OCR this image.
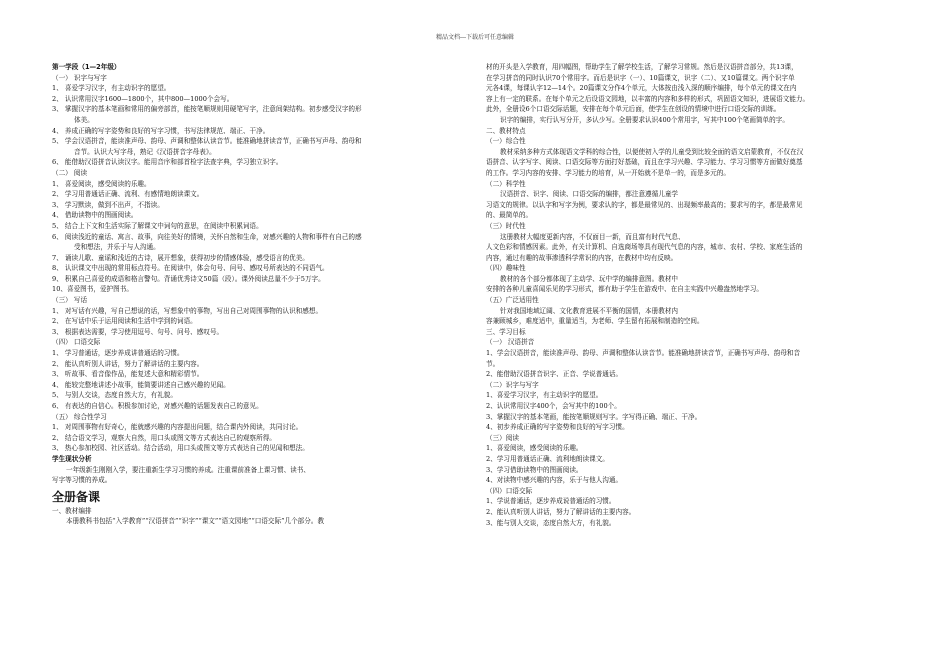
精品文档---下载后可任意编辑
第一学段（1—2年级）
（一） 识字与写字
1、 喜爱学习汉字，有主动识字的愿望。
2、 认识常用汉字1600—1800个，其中800—1000个会写。
3、 掌握汉字的基本笔画和常用的偏旁部首，能按笔顺规则用硬笔写字，注意间架结构。初步感受汉字的形
体美。
4、 养成正确的写字姿势和良好的写字习惯，书写法律规范、端正、干净。
5、 学会汉语拼音，能读准声母、韵母、声调和整体认读音节。能准确地拼读音节，正确书写声母、韵母和
音节。认识大写字母，熟记《汉语拼音字母表》。
6、 能借助汉语拼音认读汉字。能用音序和部首检字法查字典，学习独立识字。
（二） 阅读
1、 喜爱阅读，感受阅读的乐趣。
2、 学习用普通话正确、流利、有感情地朗读课文。
3、 学习默读，做到不出声，不指读。
4、 借助读物中的图画阅读。
5、 结合上下文和生活实际了解课文中词句的意思，在阅读中积累词语。
6、 阅读浅近的童话、寓言、故事，向往美好的情境，关怀自然和生命，对感兴趣的人物和事件有自己的感
受和想法，并乐于与人沟通。
7、 诵读儿歌、童谣和浅近的古诗，展开想象，获得初步的情感体验，感受语言的优美。
8、 认识课文中出现的常用标点符号。在阅读中，体会句号、问号、感叹号所表达的不同语气。
9、 积累自己喜爱的成语和格言警句。背诵优秀诗文50篇（段）。课外阅读总量不少于5万字。
10、喜爱图书，爱护图书。
（三） 写话
1、 对写话有兴趣，写自己想说的话，写想象中的事物，写出自己对周围事物的认识和感想。
2、 在写话中乐于运用阅读和生活中学到的词语。
3、 根据表达需要，学习使用逗号、句号、问号、感叹号。
（四） 口语交际
1、 学习普通话，逐步养成讲普通话的习惯。
2、 能认真听别人讲话，努力了解讲话的主要内容。
3、 听故事、看音像作品，能复述大意和精彩情节。
4、 能较完整地讲述小故事，能简要讲述自己感兴趣的见闻。
5、 与别人交谈，态度自然大方，有礼貌。
6、 有表达的自信心。积极参加讨论，对感兴趣的话题发表自己的意见。
（五） 综合性学习
1、 对周围事物有好奇心，能就感兴趣的内容提出问题，结合课内外阅读，共同讨论。
2、 结合语文学习，观察大自然，用口头或图文等方式表达自己的观察所得。
3、 热心参加校园、社区活动。结合活动，用口头或图文等方式表达自己的见闻和想法。
学生现状分析
一年级新生刚刚入学，要注重新生学习习惯的养成。注重课前准备上课习惯、读书、
写字等习惯的养成。
全册备课
一、教材编排
本册教科书包括“入学教育”“汉语拼音”“识字”“课文”“语文园地”“口语交际”几个部分。教
材的开头是入学教育，用四幅图，帮助学生了解学校生活，了解学习常规。然后是汉语拼音部分，共13课，
在学习拼音的同时认识70个常用字。而后是识字（一）、10篇课文，识字（二）、又10篇课文。两个识字单
元各4课，每课认字12—14个。20篇课文分作4个单元，大体按由浅入深的顺序编排，每个单元的课文在内
容上有一定的联系。在每个单元之后设语文园地，以丰富的内容和多样的形式，巩固语文知识，进展语文能力。
此外，全册设6个口语交际话题，安排在每个单元后面，使学生在创设的情境中进行口语交际的训练。
识字的编排，实行认写分开，多认少写。全册要求认识400个常用字，写其中100个笔画简单的字。
二、教材特点
（一）综合性
教材采纳多种方式体现语文学科的综合性，以便使初入学的儿童受到比较全面的语文启蒙教育，不仅在汉
语拼音、认字写字、阅读、口语交际等方面打好基础，而且在学习兴趣、学习能力、学习习惯等方面做好奠基
的工作。学习内容的安排、学习能力的培育，从一开始就不是单一的，而是多元的。
（二）科学性
汉语拼音、识字、阅读、口语交际的编排，都注意遵循儿童学
习语文的规律。以认字和写字为例，要求认的字，都是最常见的、出现频率最高的；要求写的字，都是最常见
的、最简单的。
（三）时代性
这册教材大幅度更新内容，不仅面目一新，而且富有时代气息、
人文色彩和情感因素。此外，有关计算机、自选商场等具有现代气息的内容，城市、农村、学校、家庭生活的
内容，通过有趣的故事渗透科学常识的内容，在教材中均有反映。
（四）趣味性
教材的各个部分都体现了主动学、玩中学的编排意图。教材中
安排的各种儿童喜闻乐见的学习形式，都有助于学生在游戏中、在自主实践中兴趣盎然地学习。
（五）广泛适用性
针对我国地域辽阔、文化教育进展不平衡的国情，本册教材内
容兼顾城乡，难度适中，重量适当，为老师、学生留有拓展和制造的空间。
三、学习目标
（一） 汉语拼音
1、学会汉语拼音，能读准声母、韵母、声调和整体认读音节。能准确地拼读音节，正确书写声母、韵母和音
节。
2、能借助汉语拼音识字、正音、学说普通话。
（二）识字与写字
1、喜爱学习汉字，有主动识字的愿望。
2、认识常用汉字400个，会写其中的100个。
3、掌握汉字的基本笔画，能按笔顺规则写字。字写得正确、端正、干净。
4、初步养成正确的写字姿势和良好的写字习惯。
（三）阅读
1、喜爱阅读，感受阅读的乐趣。
2、学习用普通话正确、流利地朗读课文。
3、学习借助读物中的图画阅读。
4、对读物中感兴趣的内容，乐于与他人沟通。
（四）口语交际
1、学说普通话，逐步养成说普通话的习惯。
2、能认真听别人讲话，努力了解讲话的主要内容。
3、能与别人交谈，态度自然大方，有礼貌。
